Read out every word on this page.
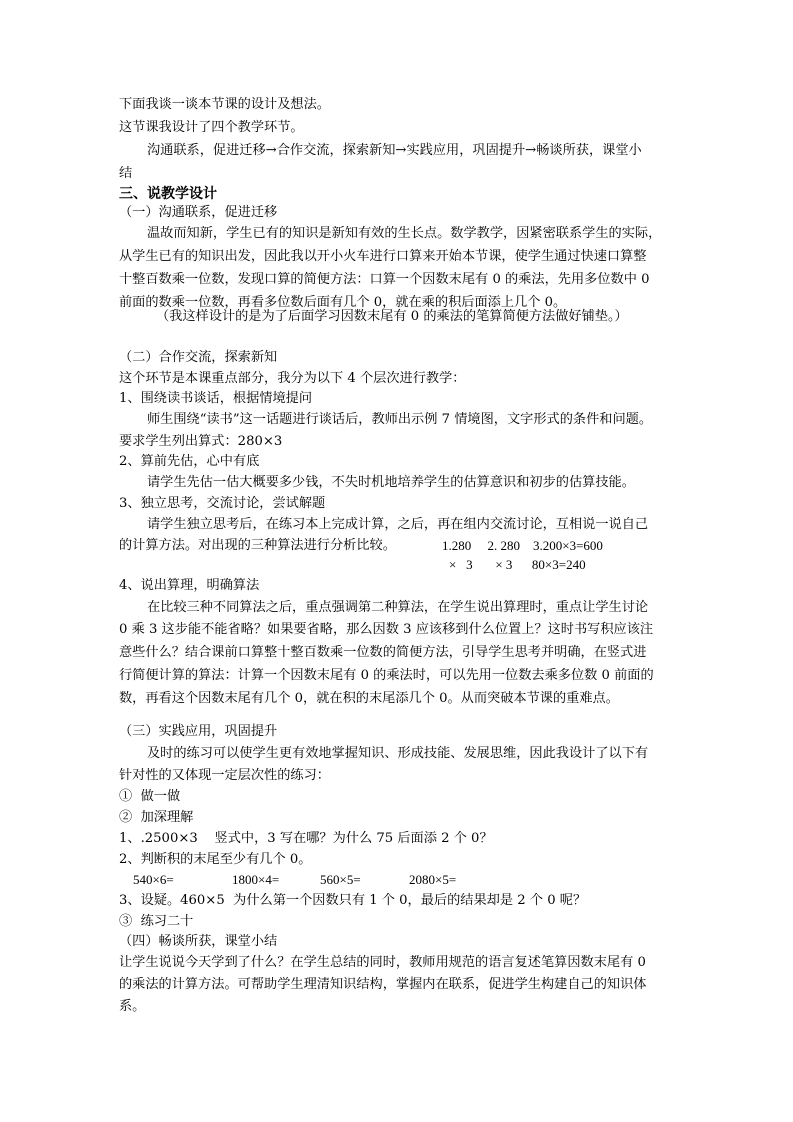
下面我谈一谈本节课的设计及想法。
这节课我设计了四个教学环节。
沟通联系，促进迁移→合作交流，探索新知→实践应用，巩固提升→畅谈所获，课堂小
结
三、说教学设计
（一）沟通联系，促进迁移
温故而知新，学生已有的知识是新知有效的生长点。数学教学，因紧密联系学生的实际，
从学生已有的知识出发，因此我以开小火车进行口算来开始本节课，使学生通过快速口算整
十整百数乘一位数，发现口算的简便方法：口算一个因数末尾有 0 的乘法，先用多位数中 0
前面的数乘一位数，再看多位数后面有几个 0，就在乘的积后面添上几个 0。
（我这样设计的是为了后面学习因数末尾有 0 的乘法的笔算简便方法做好铺垫。）
（二）合作交流，探索新知
这个环节是本课重点部分，我分为以下 4 个层次进行教学：
1、围绕读书谈话，根据情境提问
师生围绕“读书”这一话题进行谈话后，教师出示例 7 情境图，文字形式的条件和问题。
要求学生列出算式：280×3
2、算前先估，心中有底
请学生先估一估大概要多少钱，不失时机地培养学生的估算意识和初步的估算技能。
3、独立思考，交流讨论，尝试解题
请学生独立思考后，在练习本上完成计算，之后，再在组内交流讨论，互相说一说自己
的计算方法。对出现的三种算法进行分析比较。	1.280     2. 280    3.200×3=600
×   3       × 3      80×3=240
4、说出算理，明确算法
在比较三种不同算法之后，重点强调第二种算法，在学生说出算理时，重点让学生讨论
0 乘 3 这步能不能省略？如果要省略，那么因数 3 应该移到什么位置上？这时书写积应该注
意些什么？结合课前口算整十整百数乘一位数的简便方法，引导学生思考并明确，在竖式进
行简便计算的算法：计算一个因数末尾有 0 的乘法时，可以先用一位数去乘多位数 0 前面的
数，再看这个因数末尾有几个 0，就在积的末尾添几个 0。从而突破本节课的重难点。
（三）实践应用，巩固提升
及时的练习可以使学生更有效地掌握知识、形成技能、发展思维，因此我设计了以下有
针对性的又体现一定层次性的练习：
①  做一做
②  加深理解
1、.2500×3    竖式中，3 写在哪？为什么 75 后面添 2 个 0？
2、判断积的末尾至少有几个 0。
540×6=	1800×4=	560×5=	2080×5=
3、设疑。460×5  为什么第一个因数只有 1 个 0，最后的结果却是 2 个 0 呢？
③  练习二十
（四）畅谈所获，课堂小结
让学生说说今天学到了什么？在学生总结的同时，教师用规范的语言复述笔算因数末尾有 0
的乘法的计算方法。可帮助学生理清知识结构，掌握内在联系，促进学生构建自己的知识体
系。
